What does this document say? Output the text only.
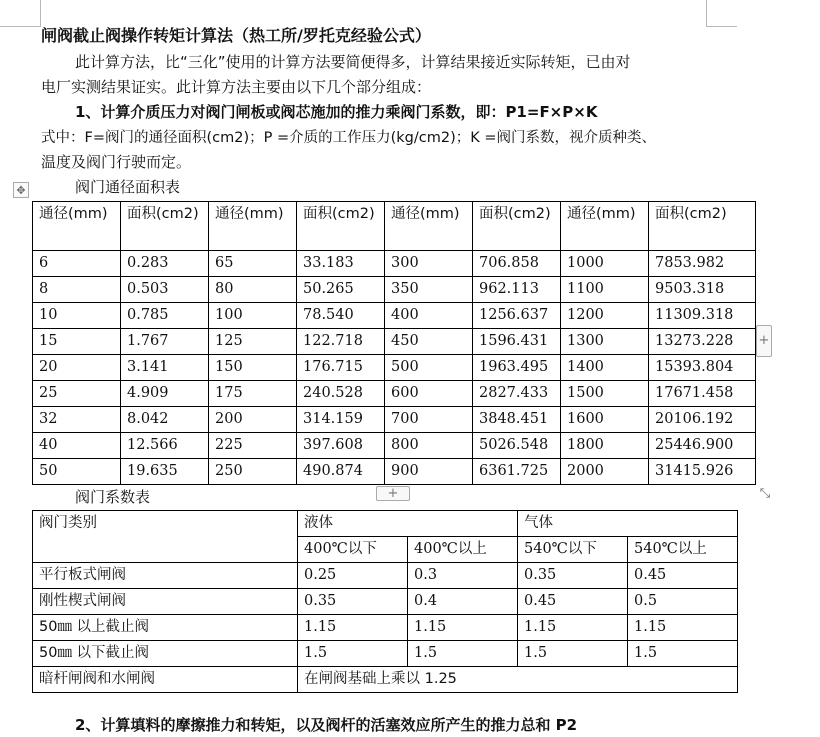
闸阀截止阀操作转矩计算法（热工所/罗托克经验公式）
此计算方法，比“三化”使用的计算方法要简便得多，计算结果接近实际转矩，已由对
电厂实测结果证实。此计算方法主要由以下几个部分组成：
1、计算介质压力对阀门闸板或阀芯施加的推力乘阀门系数，即：P1=F×P×K
式中：F=阀门的通径面积(cm2)；P =介质的工作压力(kg/cm2)；K =阀门系数，视介质种类、
温度及阀门行驶而定。
✥	阀门通径面积表
通径(mm)	面积(cm2)	通径(mm)	面积(cm2)	通径(mm)	面积(cm2)	通径(mm)	面积(cm2)
6	0.283	65	33.183	300	706.858	1000	7853.982
8	0.503	80	50.265	350	962.113	1100	9503.318
10	0.785	100	78.540	400	1256.637	1200	11309.318
15	1.767	125	122.718	450	1596.431	1300	13273.228
20	3.141	150	176.715	500	1963.495	1400	15393.804
25	4.909	175	240.528	600	2827.433	1500	17671.458
32	8.042	200	314.159	700	3848.451	1600	20106.192
40	12.566	225	397.608	800	5026.548	1800	25446.900
50	19.635	250	490.874	900	6361.725	2000	31415.926
+
+	⤡
阀门系数表
阀门类别	液体		气体	
	400℃以下	400℃以上	540℃以下	540℃以上
平行板式闸阀	0.25	0.3	0.35	0.45
刚性楔式闸阀	0.35	0.4	0.45	0.5
50㎜ 以上截止阀	1.15	1.15	1.15	1.15
50㎜ 以下截止阀	1.5	1.5	1.5	1.5
暗杆闸阀和水闸阀	在闸阀基础上乘以 1.25			
2、计算填料的摩擦推力和转矩，以及阀杆的活塞效应所产生的推力总和 P2
